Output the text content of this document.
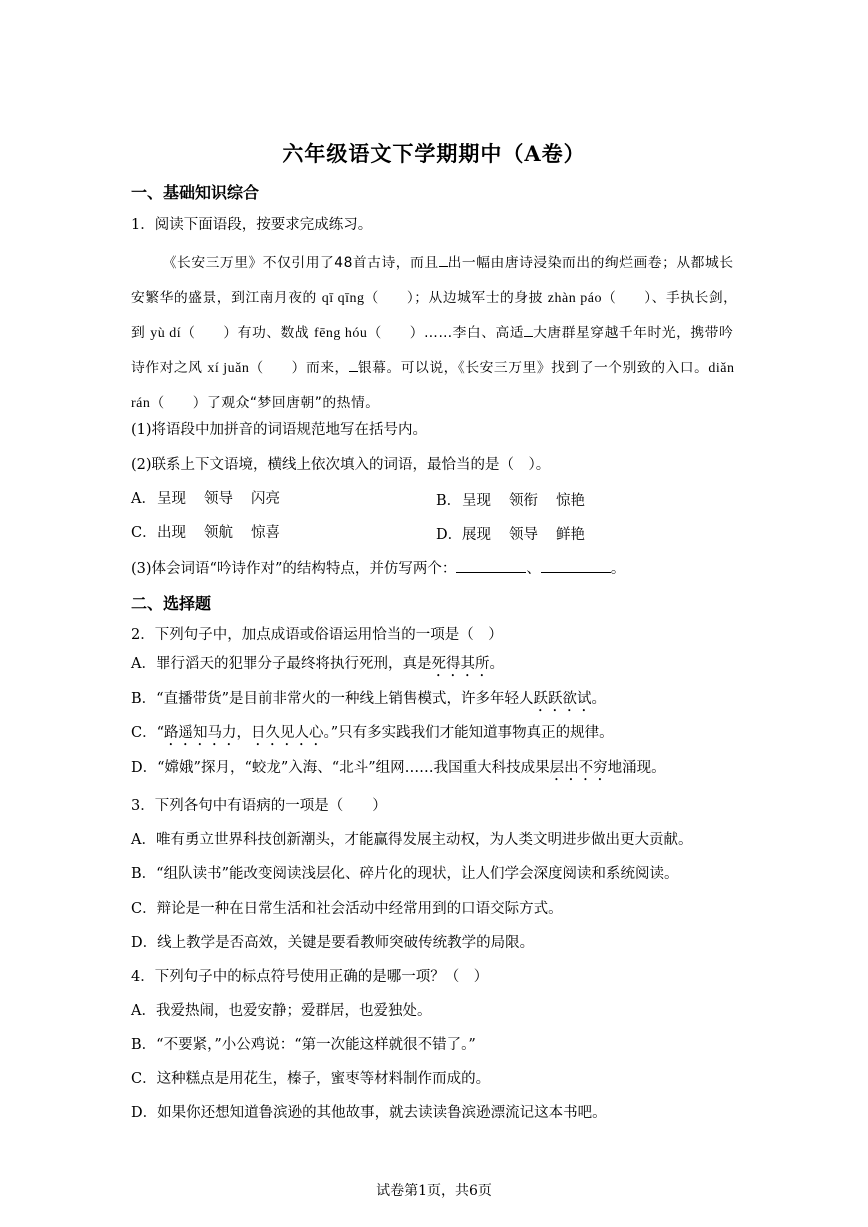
六年级语文下学期期中（A卷）
一、基础知识综合
1．阅读下面语段，按要求完成练习。
《长安三万里》不仅引用了48首古诗，而且 出一幅由唐诗浸染而出的绚烂画卷；从都城长安繁华的盛景，到江南月夜的 qī qīng（ ）；从边城军士的身披 zhàn páo（ ）、手执长剑，到 yù dí（ ）有功、数战 fēng hóu（ ）……李白、高适 大唐群星穿越千年时光，携带吟诗作对之风 xí juǎn（ ）而来， 银幕。可以说，《长安三万里》找到了一个别致的入口。diǎn rán（ ）了观众“梦回唐朝”的热情。
(1)将语段中加拼音的词语规范地写在括号内。
(2)联系上下文语境，横线上依次填入的词语，最恰当的是（　）。
A．呈现 领导 闪亮	B．呈现 领衔 惊艳
C．出现 领航 惊喜	D．展现 领导 鲜艳
(3)体会词语“吟诗作对”的结构特点，并仿写两个：	、	。
二、选择题
2．下列句子中，加点成语或俗语运用恰当的一项是（　）
A．罪行滔天的犯罪分子最终将执行死刑，真是死得其所。
B．“直播带货”是目前非常火的一种线上销售模式，许多年轻人跃跃欲试。
C．“路遥知马力，日久见人心。”只有多实践我们才能知道事物真正的规律。
D．“嫦娥”探月，“蛟龙”入海、“北斗”组网……我国重大科技成果层出不穷地涌现。
3．下列各句中有语病的一项是（　　）
A．唯有勇立世界科技创新潮头，才能赢得发展主动权，为人类文明进步做出更大贡献。
B．“组队读书”能改变阅读浅层化、碎片化的现状，让人们学会深度阅读和系统阅读。
C．辩论是一种在日常生活和社会活动中经常用到的口语交际方式。
D．线上教学是否高效，关键是要看教师突破传统教学的局限。
4．下列句子中的标点符号使用正确的是哪一项？（　）
A．我爱热闹，也爱安静；爱群居，也爱独处。
B．“不要紧，”小公鸡说：“第一次能这样就很不错了。”
C．这种糕点是用花生，榛子，蜜枣等材料制作而成的。
D．如果你还想知道鲁滨逊的其他故事，就去读读鲁滨逊漂流记这本书吧。
试卷第1页，共6页
